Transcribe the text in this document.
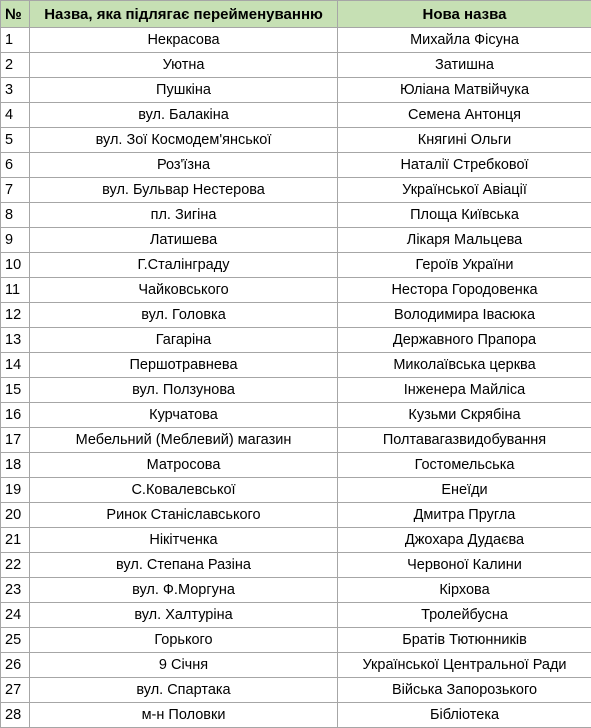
№	Назва, яка підлягає перейменуванню	Нова назва
1	Некрасова	Михайла Фісуна
2	Уютна	Затишна
3	Пушкіна	Юліана Матвійчука
4	вул. Балакіна	Семена Антонця
5	вул. Зої Космодем'янської	Княгині Ольги
6	Роз'їзна	Наталії Стребкової
7	вул. Бульвар Нестерова	Української Авіації
8	пл. Зигіна	Площа Київська
9	Латишева	Лікаря Мальцева
10	Г.Сталінграду	Героїв України
11	Чайковського	Нестора Городовенка
12	вул. Головка	Володимира Івасюка
13	Гагаріна	Державного Прапора
14	Першотравнева	Миколаївська церква
15	вул. Ползунова	Інженера Майліса
16	Курчатова	Кузьми Скрябіна
17	Мебельний (Меблевий) магазин	Полтавагазвидобування
18	Матросова	Гостомельська
19	С.Ковалевської	Енеїди
20	Ринок Станіславського	Дмитра Пругла
21	Нікітченка	Джохара Дудаєва
22	вул. Степана Разіна	Червоної Калини
23	вул. Ф.Моргуна	Кірхова
24	вул. Халтуріна	Тролейбусна
25	Горького	Братів Тютюнників
26	9 Січня	Української Центральної Ради
27	вул. Спартака	Війська Запорозького
28	м-н Половки	Бібліотека
